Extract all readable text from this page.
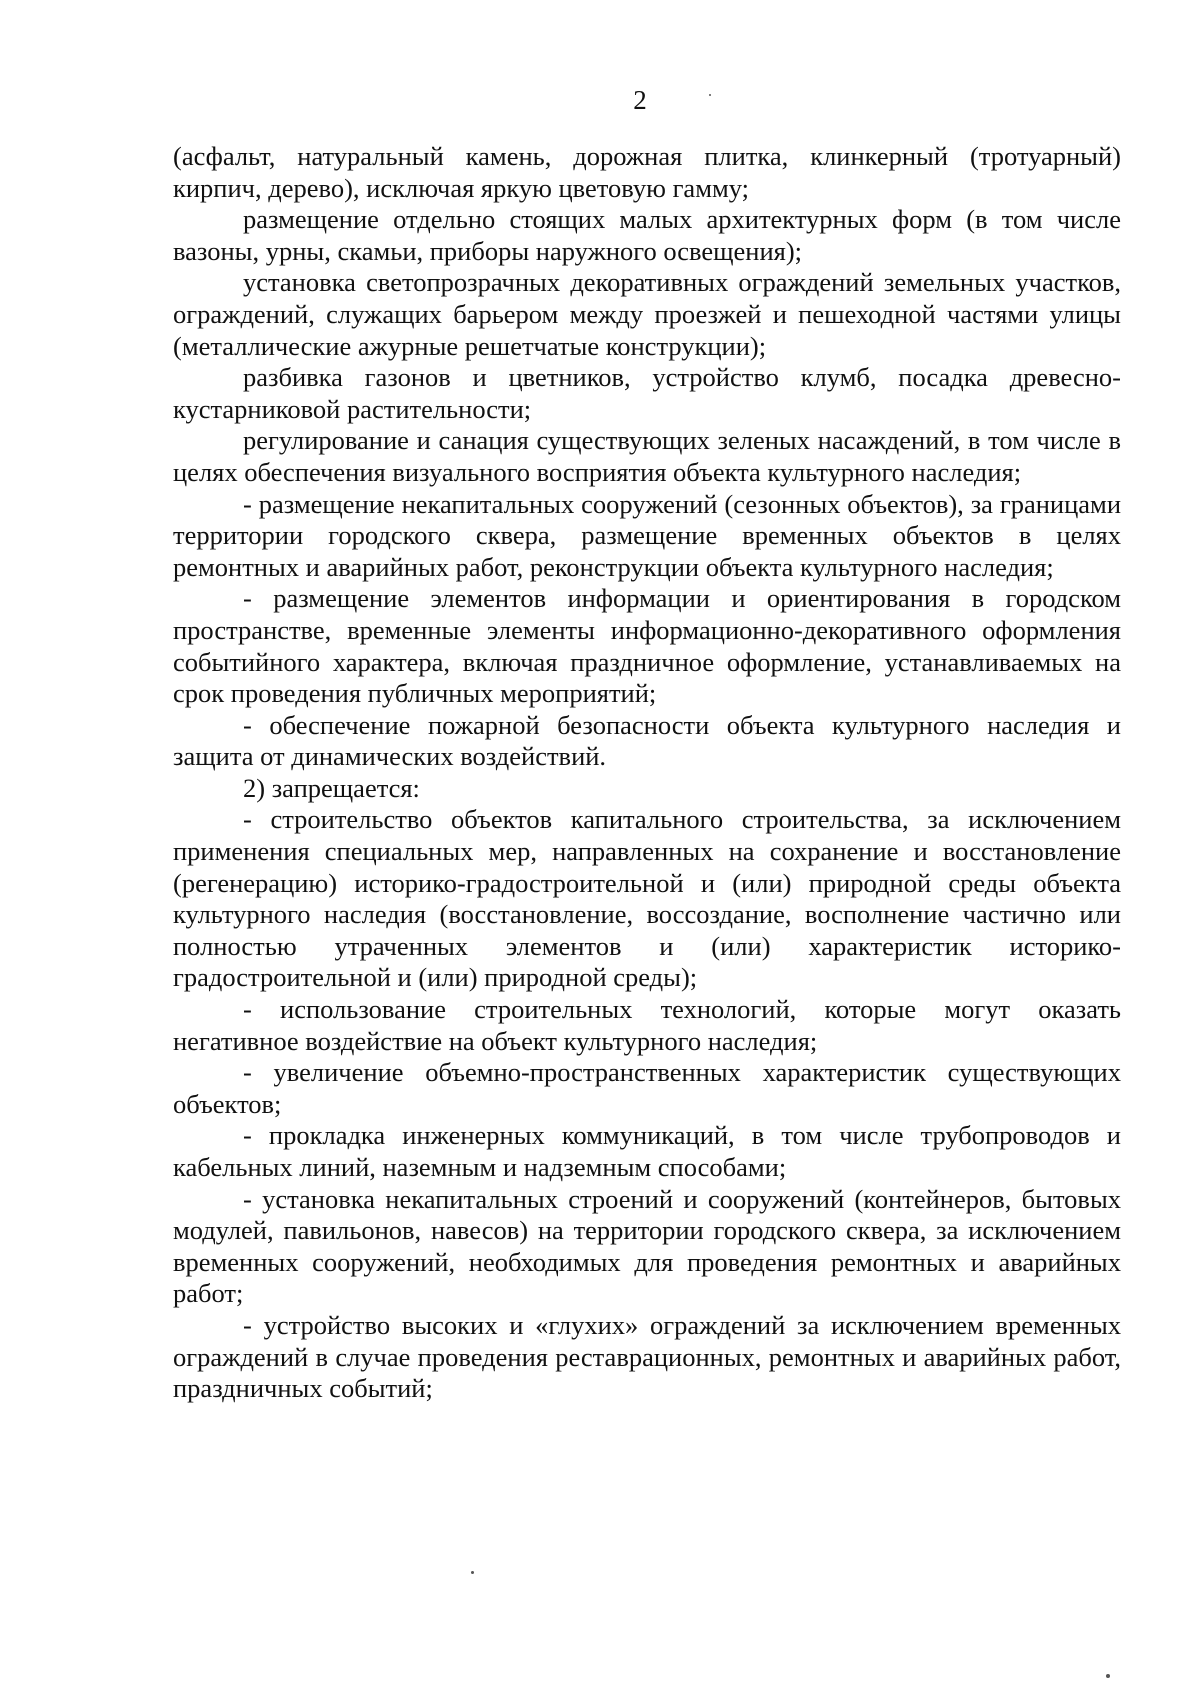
2

(асфальт, натуральный камень, дорожная плитка, клинкерный (тротуарный) кирпич, дерево), исключая яркую цветовую гамму;

размещение отдельно стоящих малых архитектурных форм (в том числе вазоны, урны, скамьи, приборы наружного освещения);

установка светопрозрачных декоративных ограждений земельных участков, ограждений, служащих барьером между проезжей и пешеходной частями улицы (металлические ажурные решетчатые конструкции);

разбивка газонов и цветников, устройство клумб, посадка древесно-кустарниковой растительности;

регулирование и санация существующих зеленых насаждений, в том числе в целях обеспечения визуального восприятия объекта культурного наследия;

- размещение некапитальных сооружений (сезонных объектов), за границами территории городского сквера, размещение временных объектов в целях ремонтных и аварийных работ, реконструкции объекта культурного наследия;

- размещение элементов информации и ориентирования в городском пространстве, временные элементы информационно-декоративного оформления событийного характера, включая праздничное оформление, устанавливаемых на срок проведения публичных мероприятий;

- обеспечение пожарной безопасности объекта культурного наследия и защита от динамических воздействий.

2) запрещается:

- строительство объектов капитального строительства, за исключением применения специальных мер, направленных на сохранение и восстановление (регенерацию) историко-градостроительной и (или) природной среды объекта культурного наследия (восстановление, воссоздание, восполнение частично или полностью утраченных элементов и (или) характеристик историко-градостроительной и (или) природной среды);

- использование строительных технологий, которые могут оказать негативное воздействие на объект культурного наследия;

- увеличение объемно-пространственных характеристик существующих объектов;

- прокладка инженерных коммуникаций, в том числе трубопроводов и кабельных линий, наземным и надземным способами;

- установка некапитальных строений и сооружений (контейнеров, бытовых модулей, павильонов, навесов) на территории городского сквера, за исключением временных сооружений, необходимых для проведения ремонтных и аварийных работ;

- устройство высоких и «глухих» ограждений за исключением временных ограждений в случае проведения реставрационных, ремонтных и аварийных работ, праздничных событий;
